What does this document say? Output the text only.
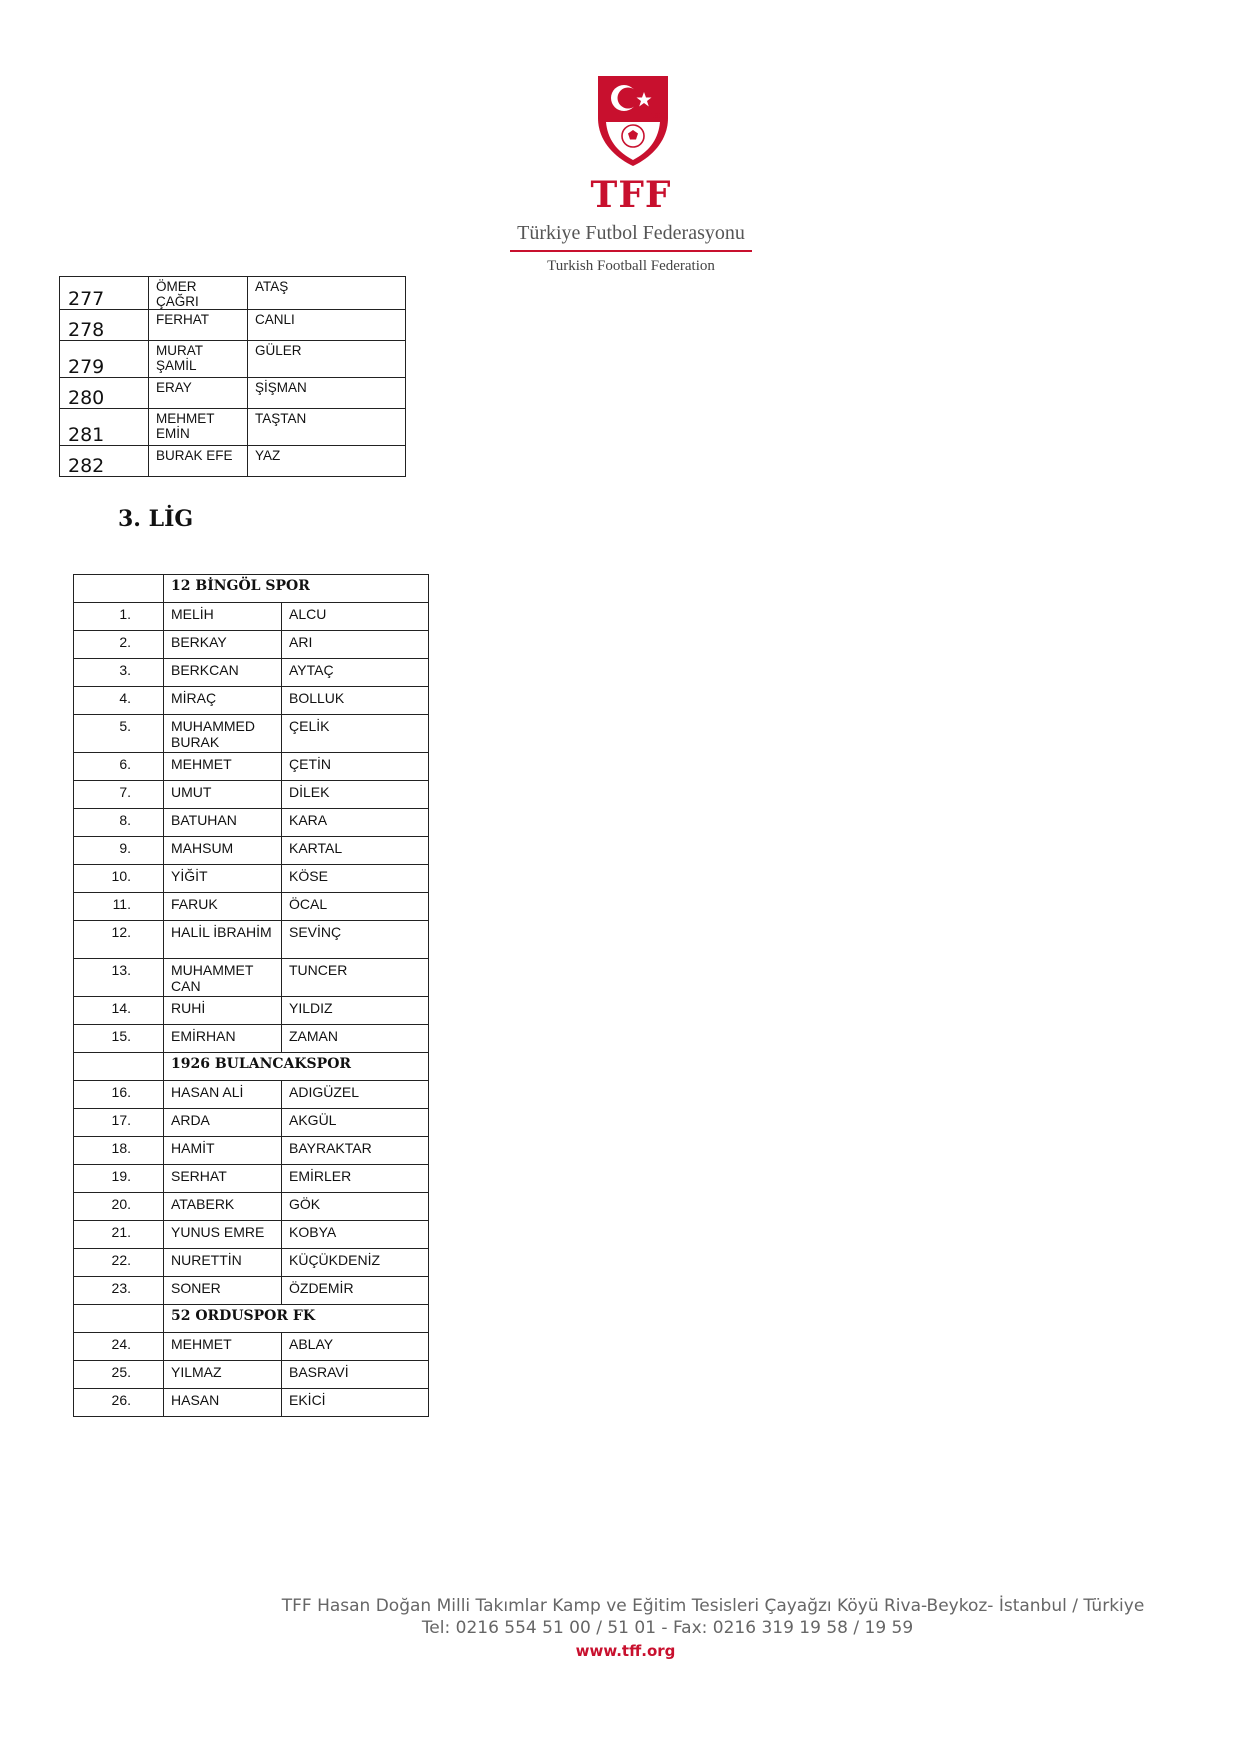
1923
TFF
Türkiye Futbol Federasyonu
Turkish Football Federation
277	ÖMER ÇAĞRI	ATAŞ
278	FERHAT	CANLI
279	MURAT ŞAMİL	GÜLER
280	ERAY	ŞİŞMAN
281	MEHMET EMİN	TAŞTAN
282	BURAK EFE	YAZ
3. LİG
	12 BİNGÖL SPOR	
1.	MELİH	ALCU
2.	BERKAY	ARI
3.	BERKCAN	AYTAÇ
4.	MİRAÇ	BOLLUK
5.	MUHAMMED BURAK	ÇELİK
6.	MEHMET	ÇETİN
7.	UMUT	DİLEK
8.	BATUHAN	KARA
9.	MAHSUM	KARTAL
10.	YİĞİT	KÖSE
11.	FARUK	ÖCAL
12.	HALİL İBRAHİM	SEVİNÇ
13.	MUHAMMET CAN	TUNCER
14.	RUHİ	YILDIZ
15.	EMİRHAN	ZAMAN
	1926 BULANCAKSPOR	
16.	HASAN ALİ	ADIGÜZEL
17.	ARDA	AKGÜL
18.	HAMİT	BAYRAKTAR
19.	SERHAT	EMİRLER
20.	ATABERK	GÖK
21.	YUNUS EMRE	KOBYA
22.	NURETTİN	KÜÇÜKDENİZ
23.	SONER	ÖZDEMİR
	52 ORDUSPOR FK	
24.	MEHMET	ABLAY
25.	YILMAZ	BASRAVİ
26.	HASAN	EKİCİ
TFF Hasan Doğan Milli Takımlar Kamp ve Eğitim Tesisleri Çayağzı Köyü Riva-Beykoz- İstanbul / Türkiye
Tel: 0216 554 51 00 / 51 01 - Fax: 0216 319 19 58 / 19 59
www.tff.org
